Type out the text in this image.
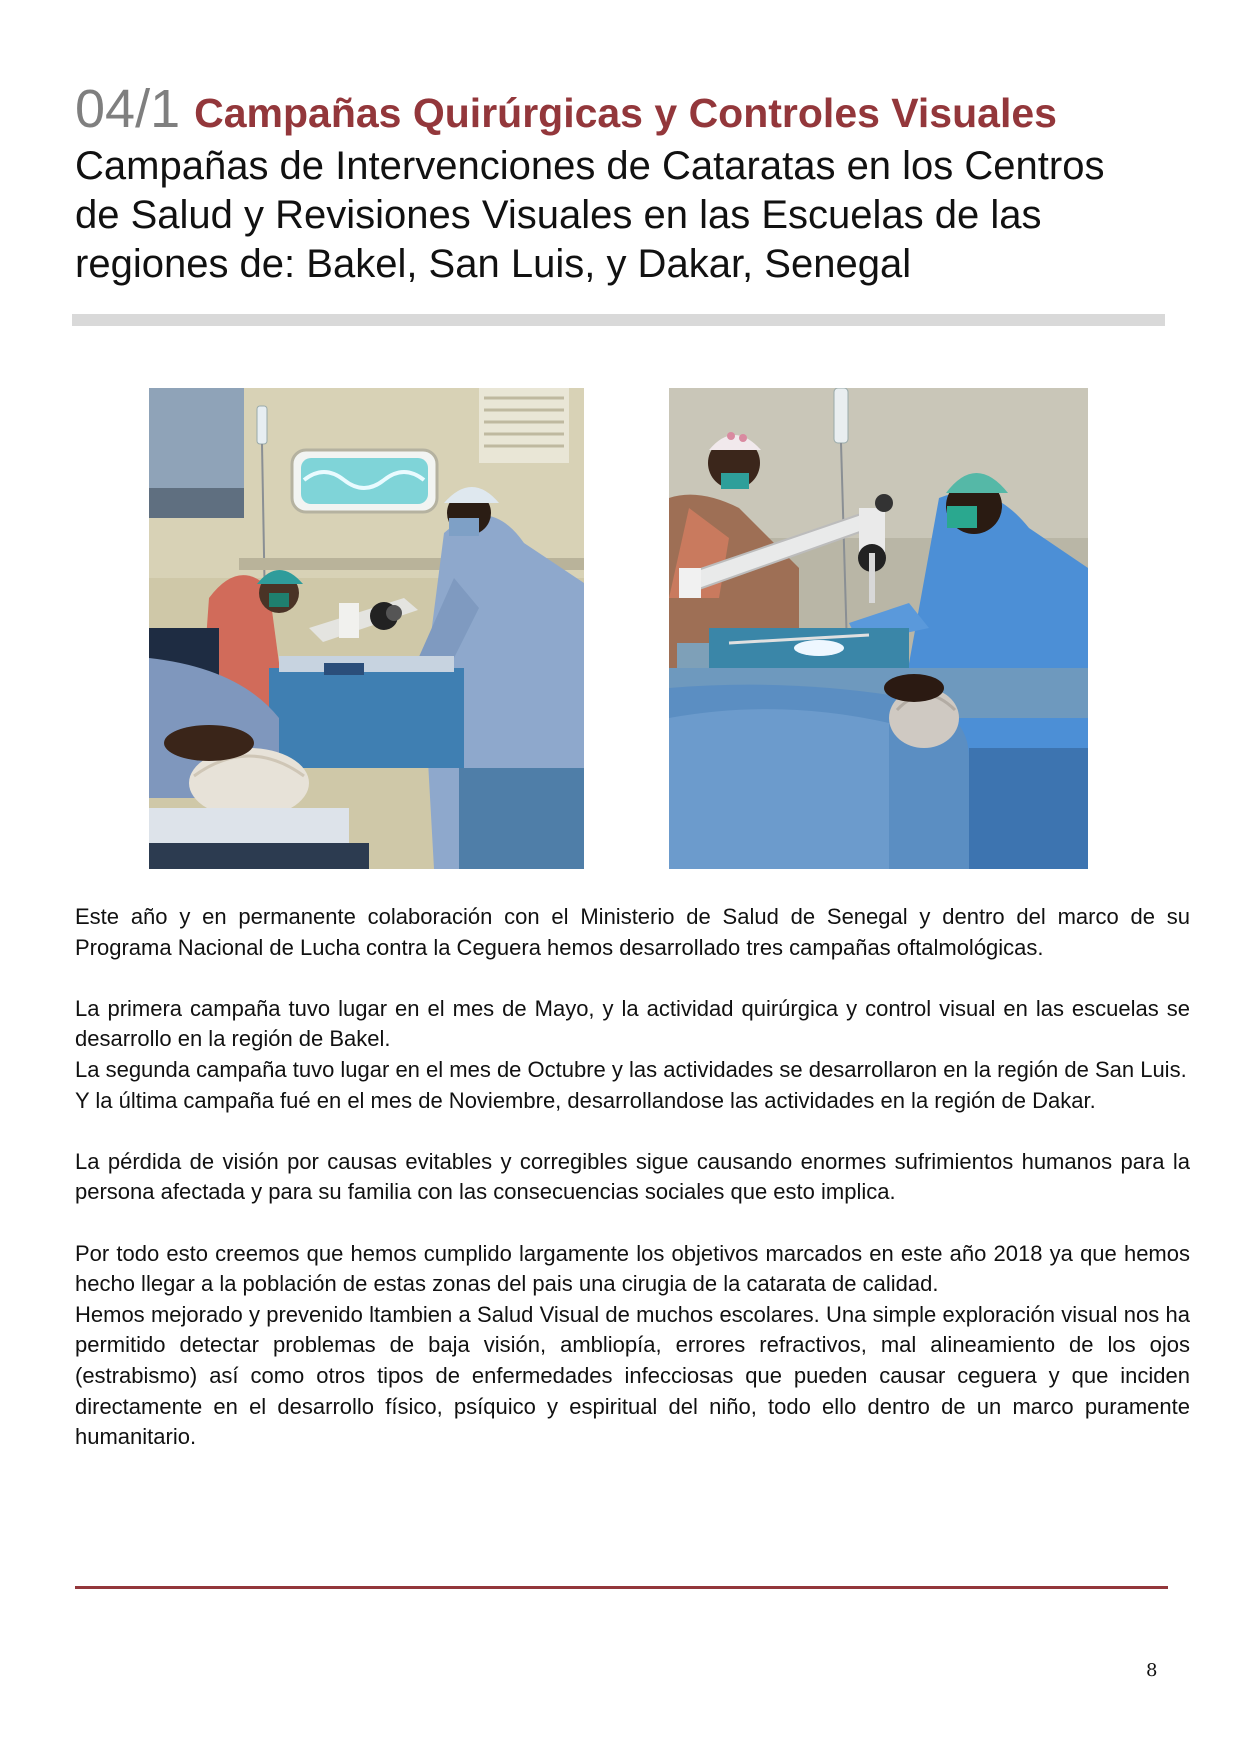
04/1 Campañas Quirúrgicas y Controles Visuales
Campañas de Intervenciones de Cataratas en los Centros
de Salud y Revisiones Visuales en las Escuelas de las
regiones de: Bakel, San Luis, y Dakar, Senegal

Este año y en permanente colaboración con el Ministerio de Salud de Senegal y dentro del marco de su Programa Nacional de Lucha contra la Ceguera hemos desarrollado tres campañas oftalmológicas.

La primera campaña tuvo lugar en el mes de Mayo, y la actividad quirúrgica y control visual en las escuelas se desarrollo en la región de Bakel.

La segunda campaña tuvo lugar en el mes de Octubre y las actividades se desarrollaron en la región de San Luis.

Y la última campaña fué en el mes de Noviembre, desarrollandose las actividades en la región de Dakar.

La pérdida de visión por causas evitables y corregibles sigue causando enormes sufrimientos humanos para la persona afectada y para su familia con las consecuencias sociales que esto implica.

Por todo esto creemos que hemos cumplido largamente los objetivos marcados en este año 2018 ya que hemos hecho llegar a la población de estas zonas del pais una cirugia de la catarata de calidad.

Hemos mejorado y prevenido ltambien a Salud Visual de muchos escolares. Una simple exploración visual nos ha permitido detectar problemas de baja visión, ambliopía, errores refractivos, mal alineamiento de los ojos (estrabismo) así como otros tipos de enfermedades infecciosas que pueden causar ceguera y que inciden directamente en el desarrollo físico, psíquico y espiritual del niño, todo ello dentro de un marco puramente humanitario.

8
